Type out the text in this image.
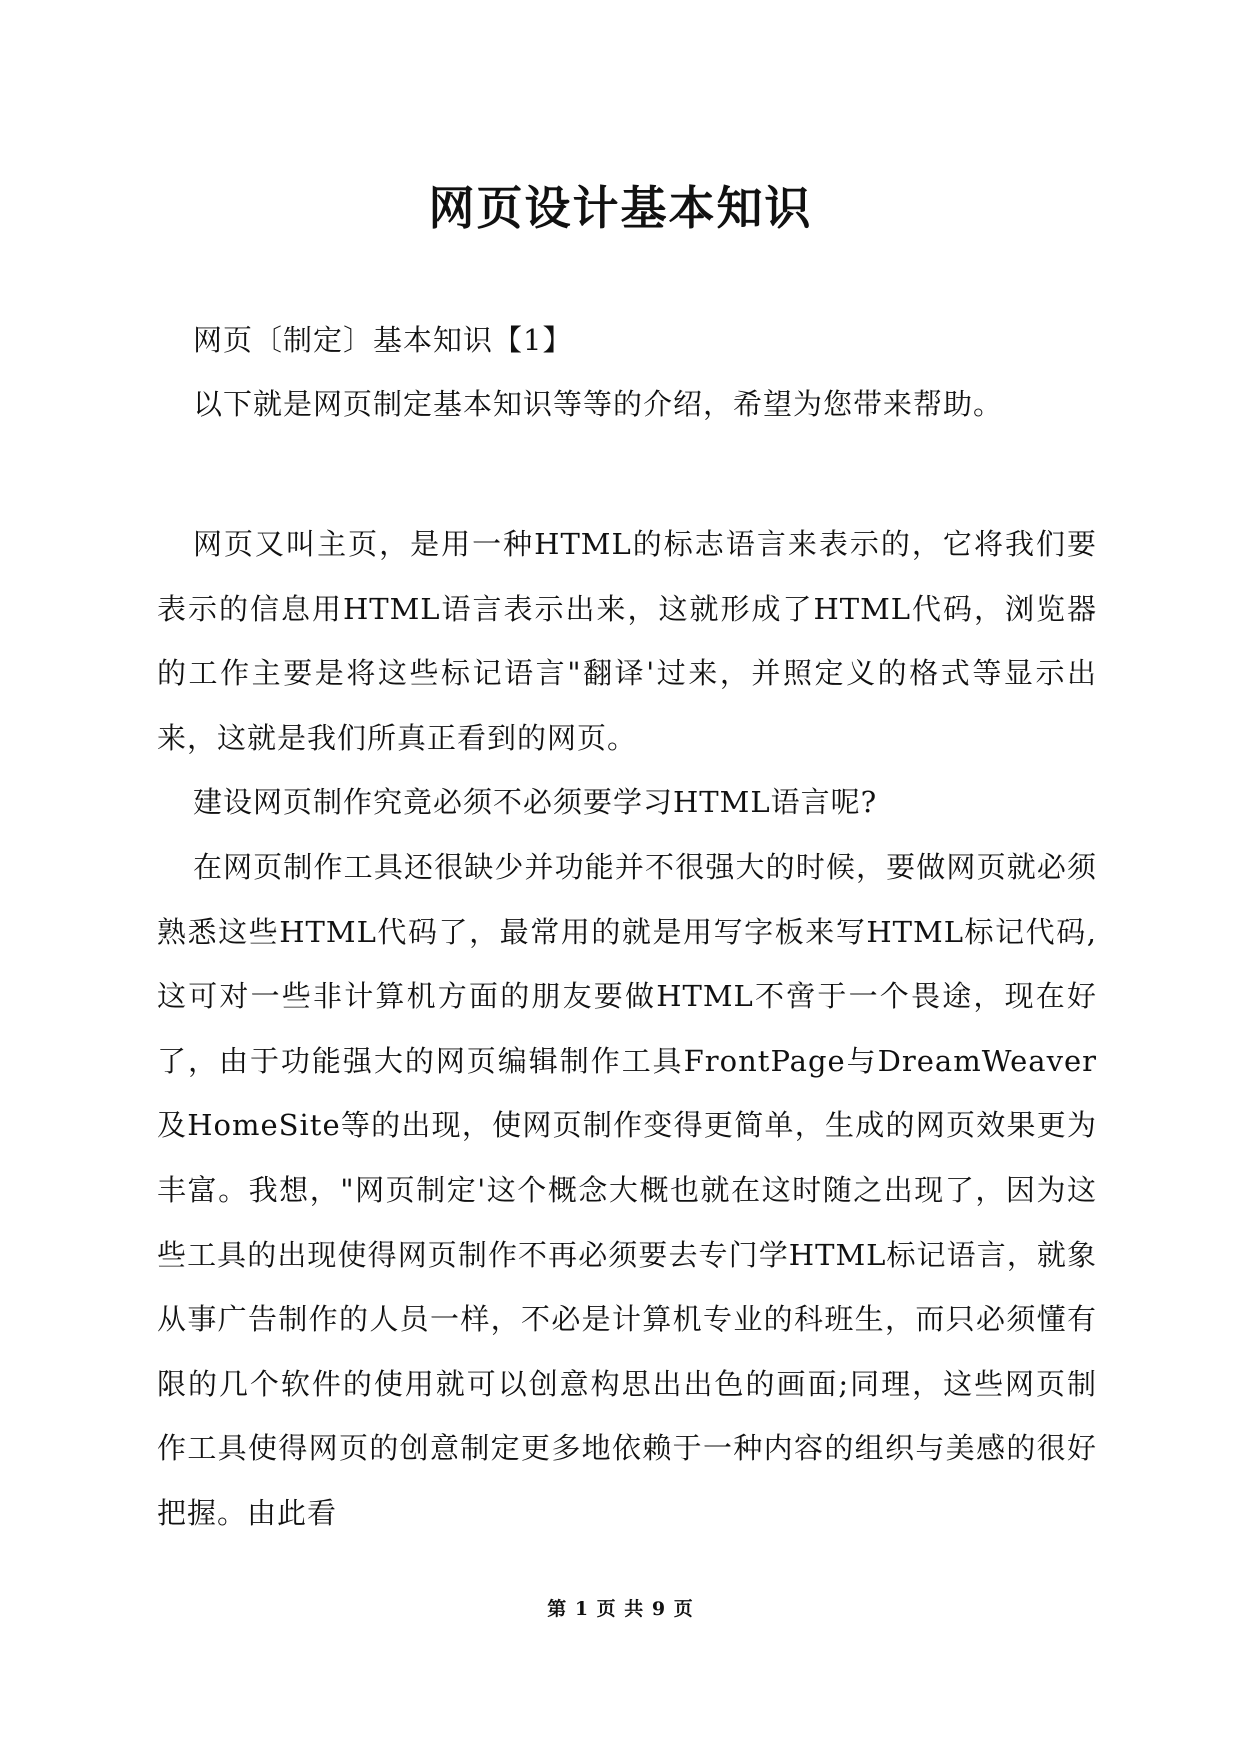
网页设计基本知识
网页〔制定〕基本知识【1】
以下就是网页制定基本知识等等的介绍，希望为您带来帮助。

网页又叫主页，是用一种HTML的标志语言来表示的，它将我们要表示的信息用HTML语言表示出来，这就形成了HTML代码，浏览器的工作主要是将这些标记语言"翻译'过来，并照定义的格式等显示出来，这就是我们所真正看到的网页。

建设网页制作究竟必须不必须要学习HTML语言呢?

在网页制作工具还很缺少并功能并不很强大的时候，要做网页就必须熟悉这些HTML代码了，最常用的就是用写字板来写HTML标记代码,这可对一些非计算机方面的朋友要做HTML不啻于一个畏途，现在好了，由于功能强大的网页编辑制作工具FrontPage与DreamWeaver及HomeSite等的出现，使网页制作变得更简单，生成的网页效果更为丰富。我想，"网页制定'这个概念大概也就在这时随之出现了，因为这些工具的出现使得网页制作不再必须要去专门学HTML标记语言，就象从事广告制作的人员一样，不必是计算机专业的科班生，而只必须懂有限的几个软件的使用就可以创意构思出出色的画面;同理，这些网页制作工具使得网页的创意制定更多地依赖于一种内容的组织与美感的很好把握。由此看

第 1 页 共 9 页
